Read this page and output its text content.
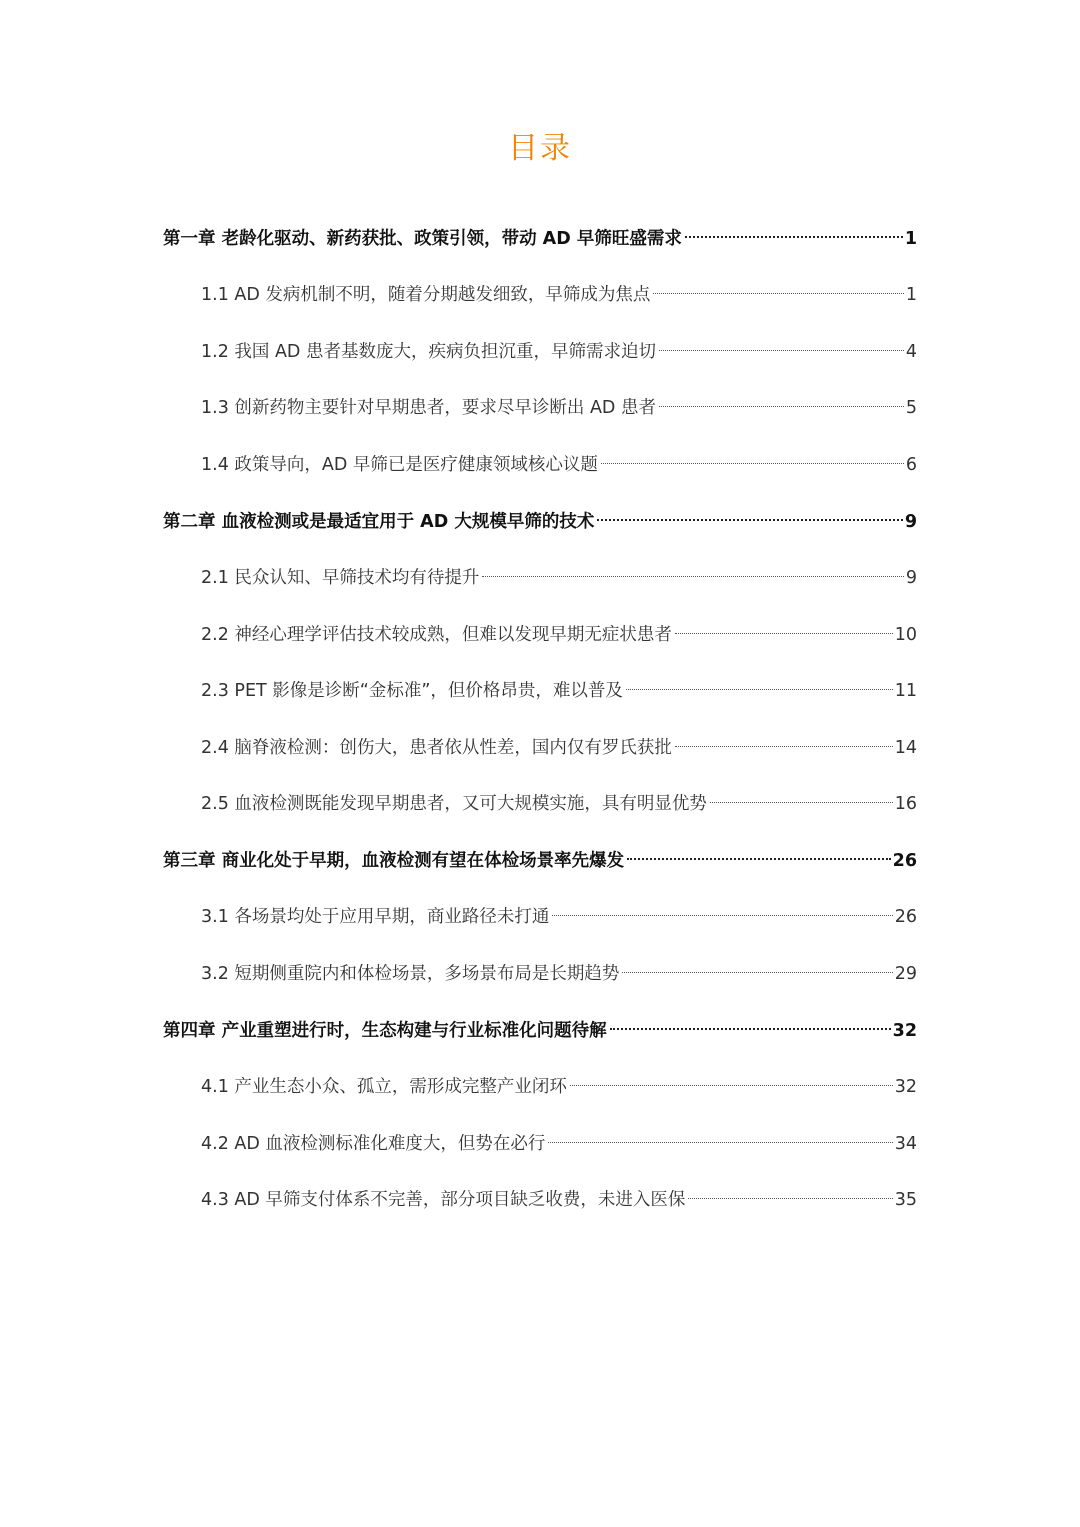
目录
第一章 老龄化驱动、新药获批、政策引领，带动 AD 早筛旺盛需求	1
1.1 AD 发病机制不明，随着分期越发细致，早筛成为焦点	1
1.2 我国 AD 患者基数庞大，疾病负担沉重，早筛需求迫切	4
1.3 创新药物主要针对早期患者，要求尽早诊断出 AD 患者	5
1.4 政策导向，AD 早筛已是医疗健康领域核心议题	6
第二章 血液检测或是最适宜用于 AD 大规模早筛的技术	9
2.1 民众认知、早筛技术均有待提升	9
2.2 神经心理学评估技术较成熟，但难以发现早期无症状患者	10
2.3 PET 影像是诊断“金标准”，但价格昂贵，难以普及	11
2.4 脑脊液检测：创伤大，患者依从性差，国内仅有罗氏获批	14
2.5 血液检测既能发现早期患者，又可大规模实施，具有明显优势	16
第三章 商业化处于早期，血液检测有望在体检场景率先爆发	26
3.1 各场景均处于应用早期，商业路径未打通	26
3.2 短期侧重院内和体检场景，多场景布局是长期趋势	29
第四章 产业重塑进行时，生态构建与行业标准化问题待解	32
4.1 产业生态小众、孤立，需形成完整产业闭环	32
4.2 AD 血液检测标准化难度大，但势在必行	34
4.3 AD 早筛支付体系不完善，部分项目缺乏收费，未进入医保	35
